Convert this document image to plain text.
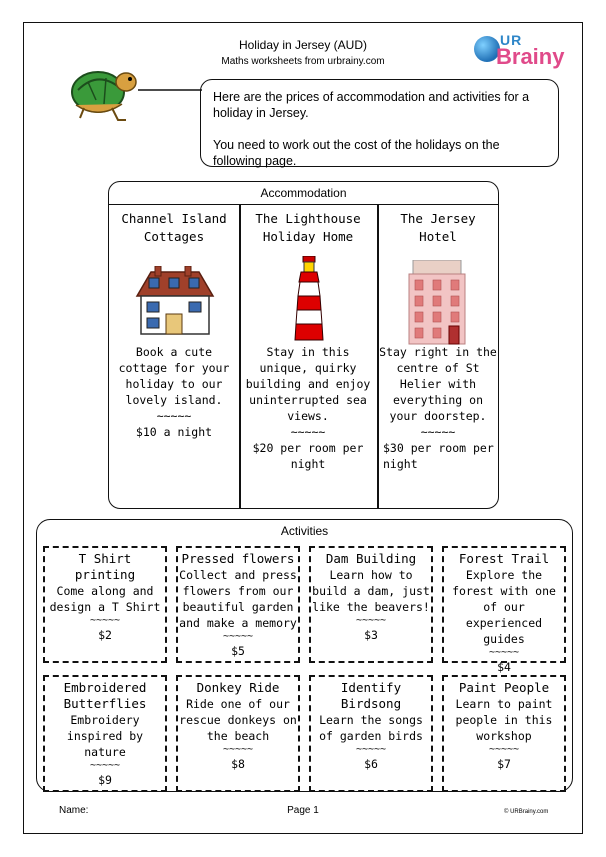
Holiday in Jersey (AUD)
Maths worksheets from urbrainy.com
UR
Brainy

Here are the prices of accommodation and activities for a holiday in Jersey.

You need to work out the cost of the holidays on the following page.

Accommodation
Channel Island Cottages
Book a cute cottage for your holiday to our lovely island.
~~~~~
$10 a night
The Lighthouse Holiday Home
Stay in this unique, quirky building and enjoy uninterrupted sea views.
~~~~~
$20 per room per night
The Jersey Hotel
Stay right in the centre of St Helier with everything on your doorstep.
~~~~~
$30 per room per night
Activities
T Shirt printing
Come along and design a T Shirt
~~~~~
$2
Pressed flowers
Collect and press flowers from our beautiful garden and make a memory
~~~~~
$5
Dam Building
Learn how to build a dam, just like the beavers!
~~~~~
$3
Forest Trail
Explore the forest with one of our experienced guides
~~~~~
$4
Embroidered Butterflies
Embroidery inspired by nature
~~~~~
$9
Donkey Ride
Ride one of our rescue donkeys on the beach
~~~~~
$8
Identify Birdsong
Learn the songs of garden birds
~~~~~
$6
Paint People
Learn to paint people in this workshop
~~~~~
$7
Name:	Page 1	© URBrainy.com
